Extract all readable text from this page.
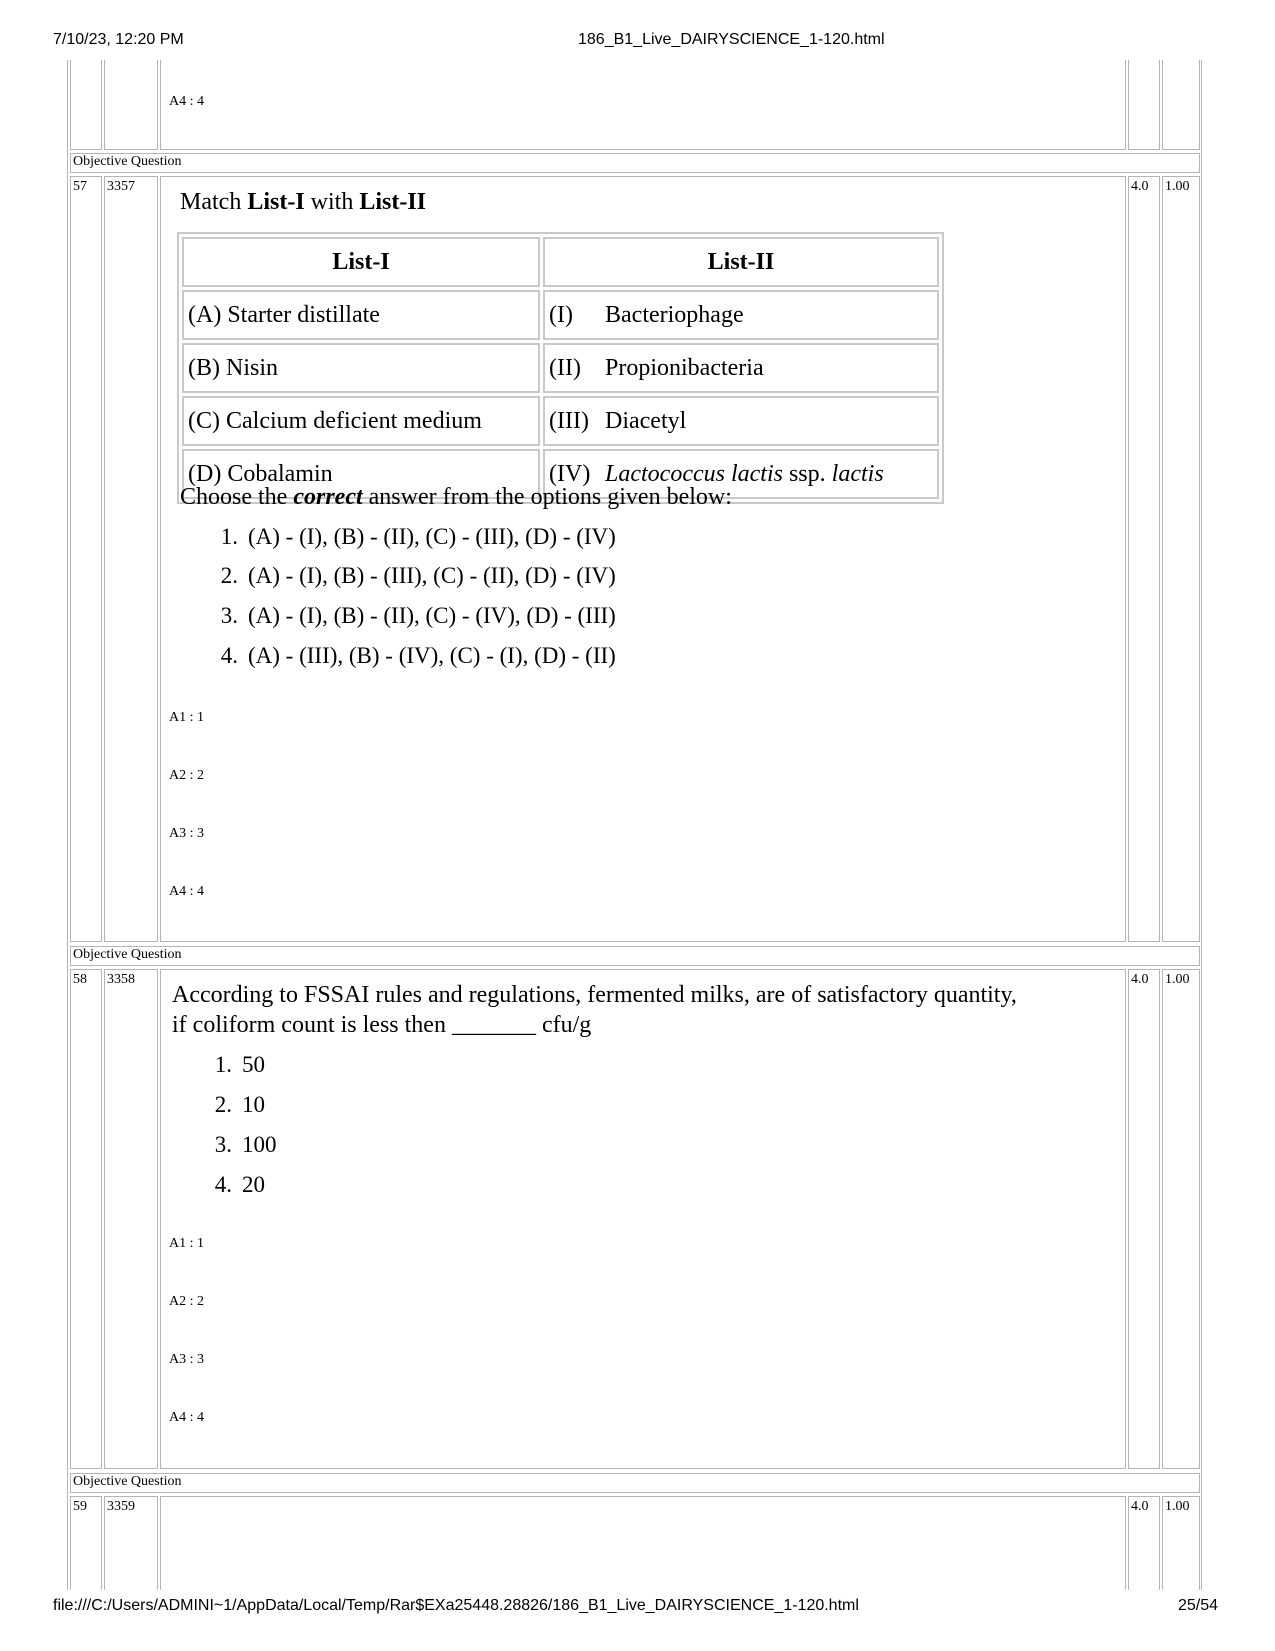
7/10/23, 12:20 PM	186_B1_Live_DAIRYSCIENCE_1-120.html
file:///C:/Users/ADMINI~1/AppData/Local/Temp/Rar$EXa25448.28826/186_B1_Live_DAIRYSCIENCE_1-120.html	25/54
A4 : 4
Objective Question
57 3357	4.0 1.00
Match List-I with List-II
List-I	List-II
(A) Starter distillate	(I) Bacteriophage
(B) Nisin	(II) Propionibacteria
(C) Calcium deficient medium	(III) Diacetyl
(D) Cobalamin	(IV) Lactococcus lactis ssp. lactis
Choose the correct answer from the options given below:
1. (A) - (I), (B) - (II), (C) - (III), (D) - (IV)
2. (A) - (I), (B) - (III), (C) - (II), (D) - (IV)
3. (A) - (I), (B) - (II), (C) - (IV), (D) - (III)
4. (A) - (III), (B) - (IV), (C) - (I), (D) - (II)
A1 : 1
A2 : 2
A3 : 3
A4 : 4
Objective Question
58 3358	4.0 1.00
According to FSSAI rules and regulations, fermented milks, are of satisfactory quantity,
if coliform count is less then _______ cfu/g
1. 50
2. 10
3. 100
4. 20
A1 : 1
A2 : 2
A3 : 3
A4 : 4
Objective Question
59 3359	4.0 1.00
